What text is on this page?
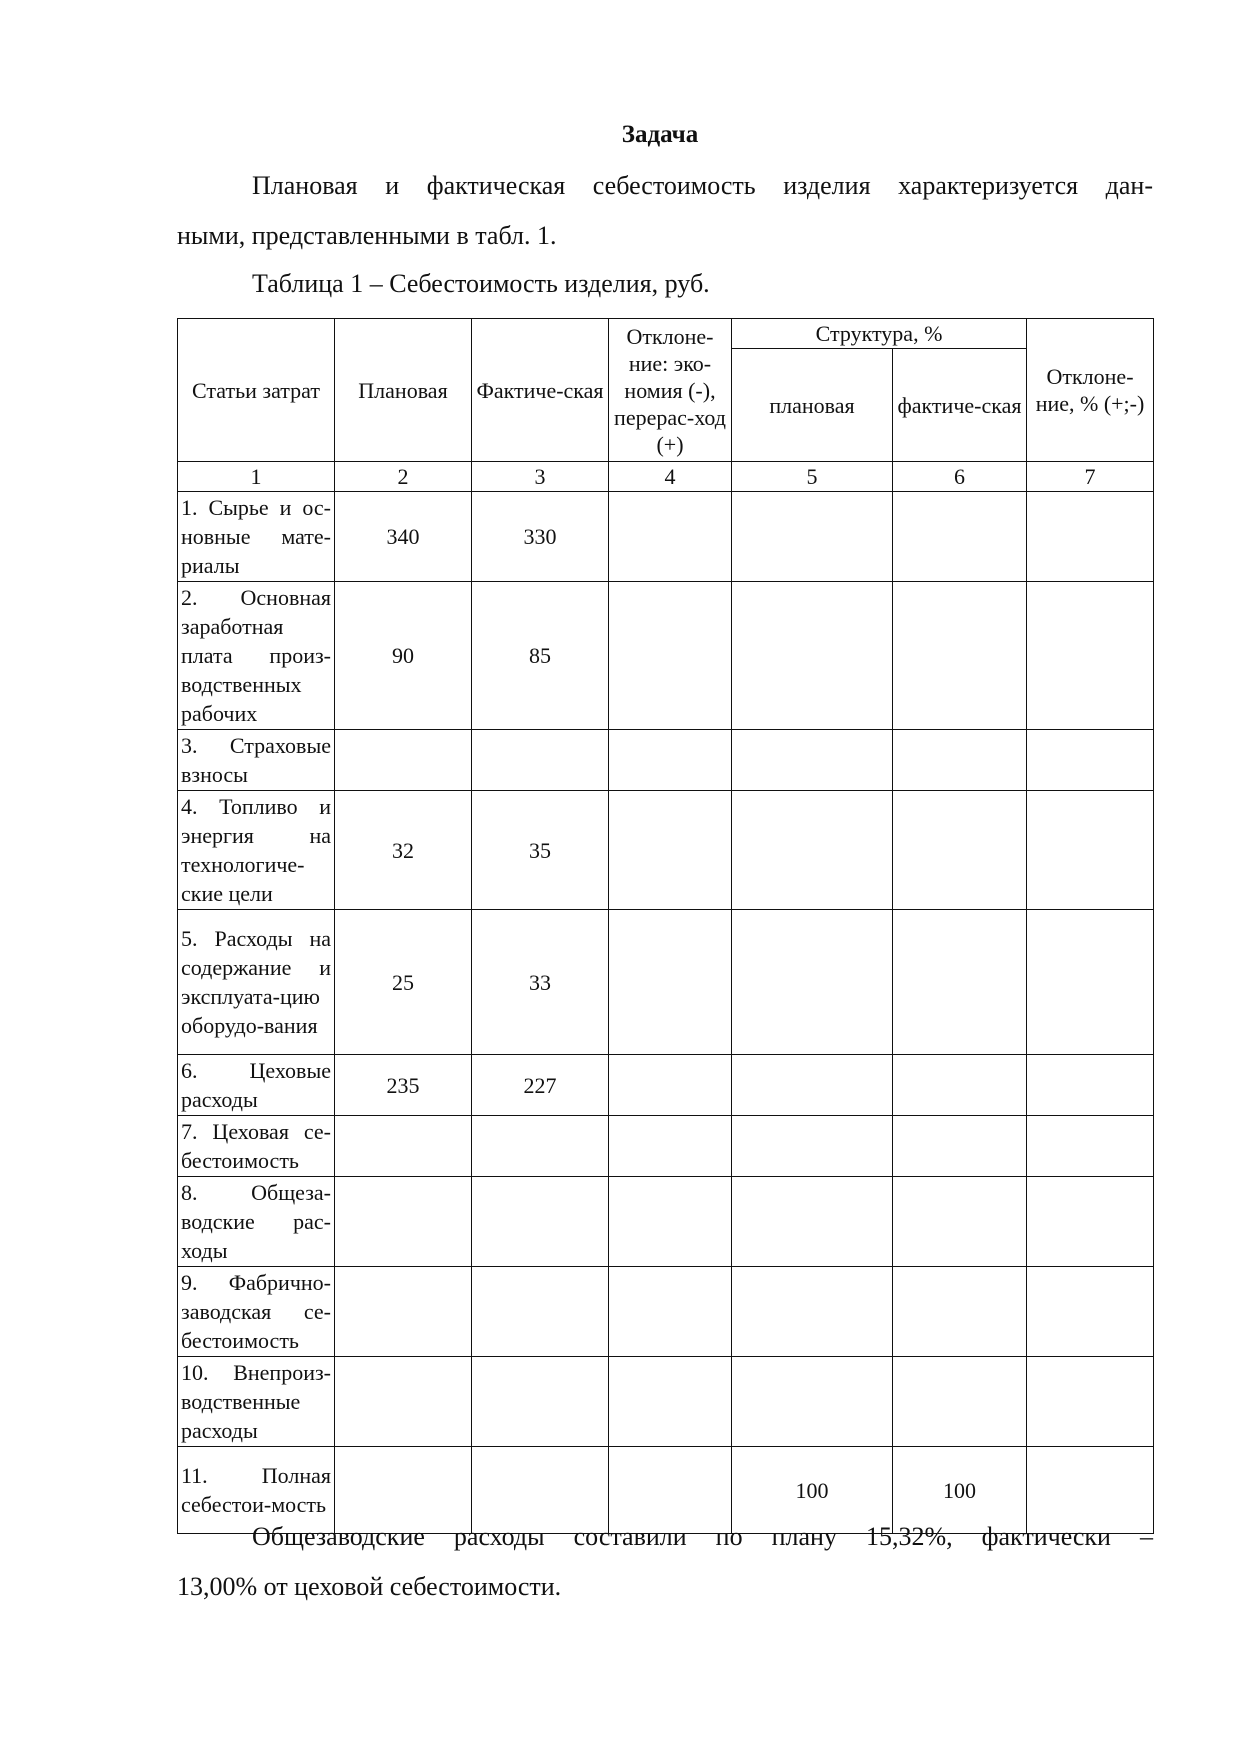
Задача
Плановая и фактическая себестоимость изделия характеризуется дан-
ными, представленными в табл. 1.
Таблица 1 – Себестоимость изделия, руб.
Статьи затрат	Плановая	Фактиче-ская	Отклоне-ние: эко-номия (-), перерас-ход (+)	Структура, %		Отклоне-ние, % (+;-)
				плановая	фактиче-ская	
1	2	3	4	5	6	7
1. Сырье и ос-новные мате-риалы	340	330				
2. Основная заработная плата произ-водственных рабочих	90	85				
3. Страховые взносы						
4. Топливо и энергия на технологиче-ские цели	32	35				
5. Расходы на содержание и эксплуата-цию оборудо-вания	25	33				
6. Цеховые расходы	235	227				
7. Цеховая се-бестоимость						
8. Общеза-водские рас-ходы						
9. Фабрично-заводская се-бестоимость						
10. Внепроиз-водственные расходы						
11. Полная себестои-мость				100	100	
Общезаводские расходы составили по плану 15,32%, фактически –
13,00% от цеховой себестоимости.
